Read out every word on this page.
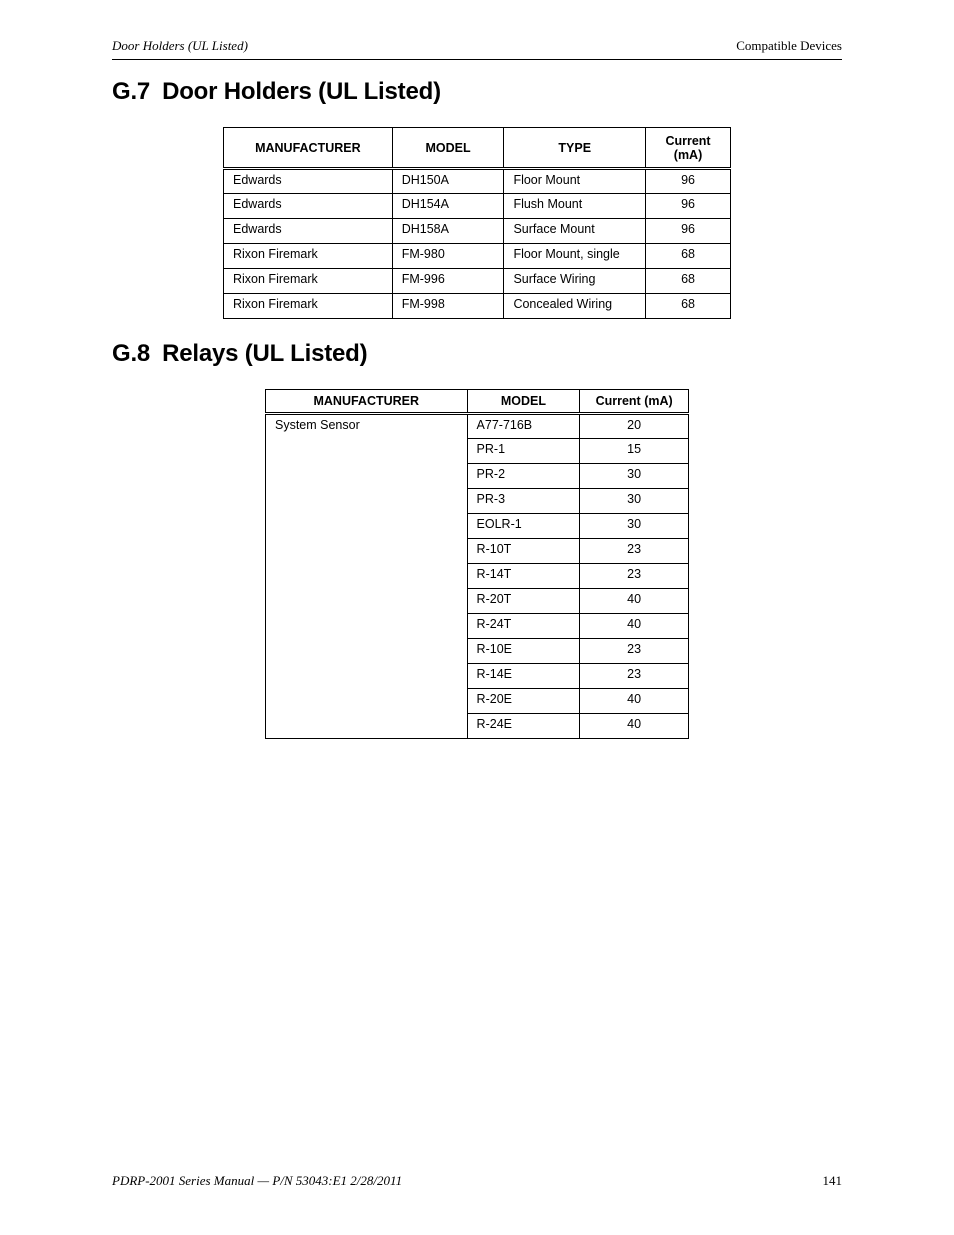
Door Holders (UL Listed)	Compatible Devices
G.7 Door Holders (UL Listed)
MANUFACTURER	MODEL	TYPE	Current (mA)
Edwards	DH150A	Floor Mount	96
Edwards	DH154A	Flush Mount	96
Edwards	DH158A	Surface Mount	96
Rixon Firemark	FM-980	Floor Mount, single	68
Rixon Firemark	FM-996	Surface Wiring	68
Rixon Firemark	FM-998	Concealed Wiring	68
G.8 Relays (UL Listed)
MANUFACTURER	MODEL	Current (mA)
System Sensor	A77-716B	20
	PR-1	15
	PR-2	30
	PR-3	30
	EOLR-1	30
	R-10T	23
	R-14T	23
	R-20T	40
	R-24T	40
	R-10E	23
	R-14E	23
	R-20E	40
	R-24E	40
PDRP-2001 Series Manual — P/N 53043:E1 2/28/2011	141
